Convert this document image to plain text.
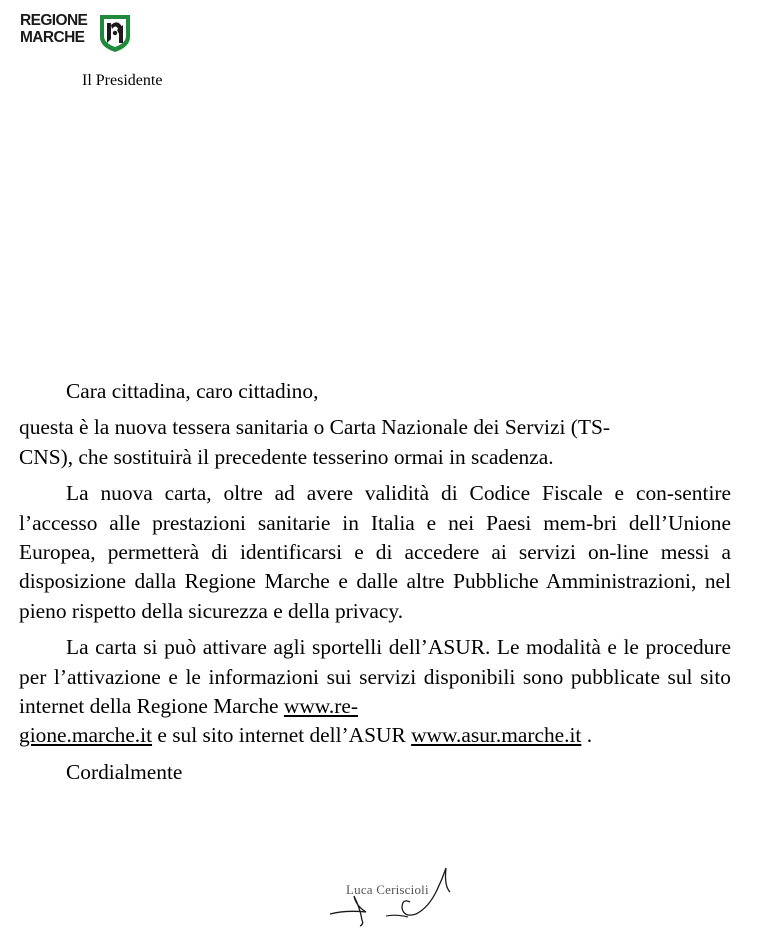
REGIONE
MARCHE
Il Presidente

Cara cittadina, caro cittadino,

questa è la nuova tessera sanitaria o Carta Nazionale dei Servizi (TS-
CNS), che sostituirà il precedente tesserino ormai in scadenza.

La nuova carta, oltre ad avere validità di Codice Fiscale e con-sentire l’accesso alle prestazioni sanitarie in Italia e nei Paesi mem-bri dell’Unione Europea, permetterà di identificarsi e di accedere ai servizi on-line messi a disposizione dalla Regione Marche e dalle altre Pubbliche Amministrazioni, nel pieno rispetto della sicurezza e della privacy.

La carta si può attivare agli sportelli dell’ASUR. Le modalità e le procedure per l’attivazione e le informazioni sui servizi disponibili sono pubblicate sul sito internet della Regione Marche www.re-
gione.marche.it e sul sito internet dell’ASUR www.asur.marche.it .

Cordialmente

Luca Ceriscioli
